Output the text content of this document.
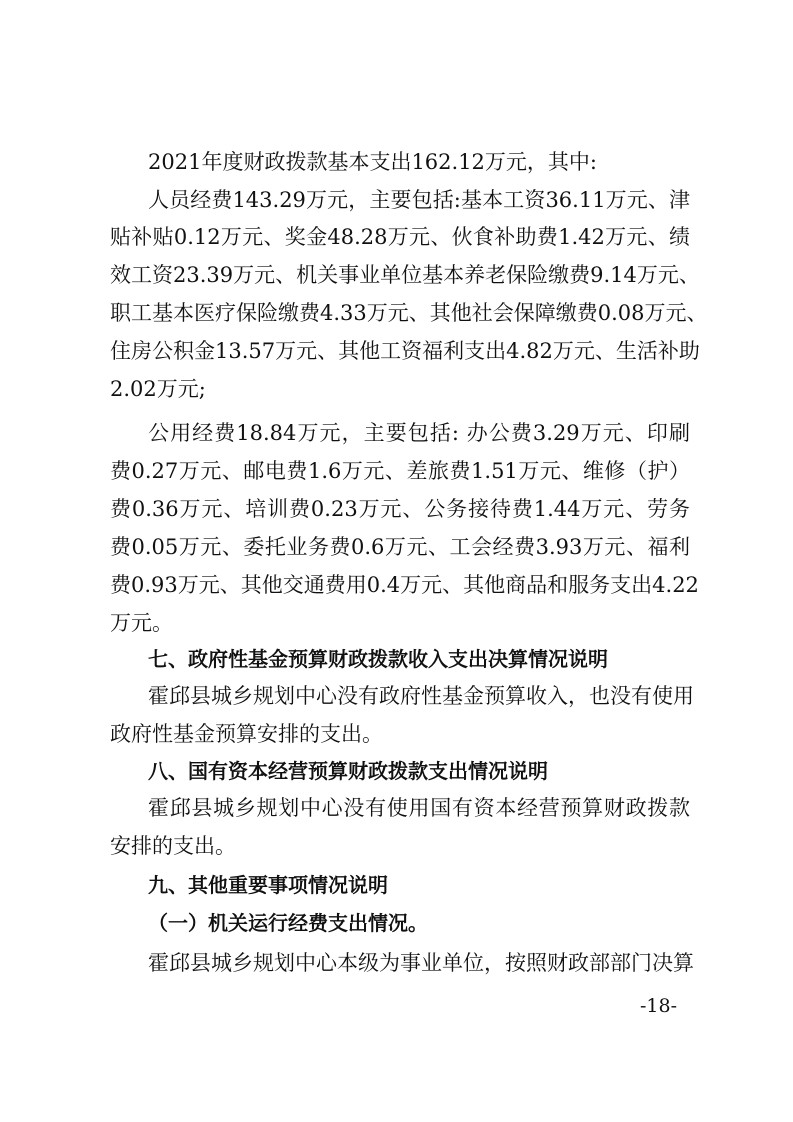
2021年度财政拨款基本支出162.12万元，其中:
人员经费143.29万元，主要包括:基本工资36.11万元、津
贴补贴0.12万元、奖金48.28万元、伙食补助费1.42万元、绩
效工资23.39万元、机关事业单位基本养老保险缴费9.14万元、
职工基本医疗保险缴费4.33万元、其他社会保障缴费0.08万元、
住房公积金13.57万元、其他工资福利支出4.82万元、生活补助
2.02万元;
公用经费18.84万元，主要包括: 办公费3.29万元、印刷
费0.27万元、邮电费1.6万元、差旅费1.51万元、维修（护）
费0.36万元、培训费0.23万元、公务接待费1.44万元、劳务
费0.05万元、委托业务费0.6万元、工会经费3.93万元、福利
费0.93万元、其他交通费用0.4万元、其他商品和服务支出4.22
万元。
七、政府性基金预算财政拨款收入支出决算情况说明
霍邱县城乡规划中心没有政府性基金预算收入，也没有使用
政府性基金预算安排的支出。
八、国有资本经营预算财政拨款支出情况说明
霍邱县城乡规划中心没有使用国有资本经营预算财政拨款
安排的支出。
九、其他重要事项情况说明
（一）机关运行经费支出情况。
霍邱县城乡规划中心本级为事业单位，按照财政部部门决算
-18-
